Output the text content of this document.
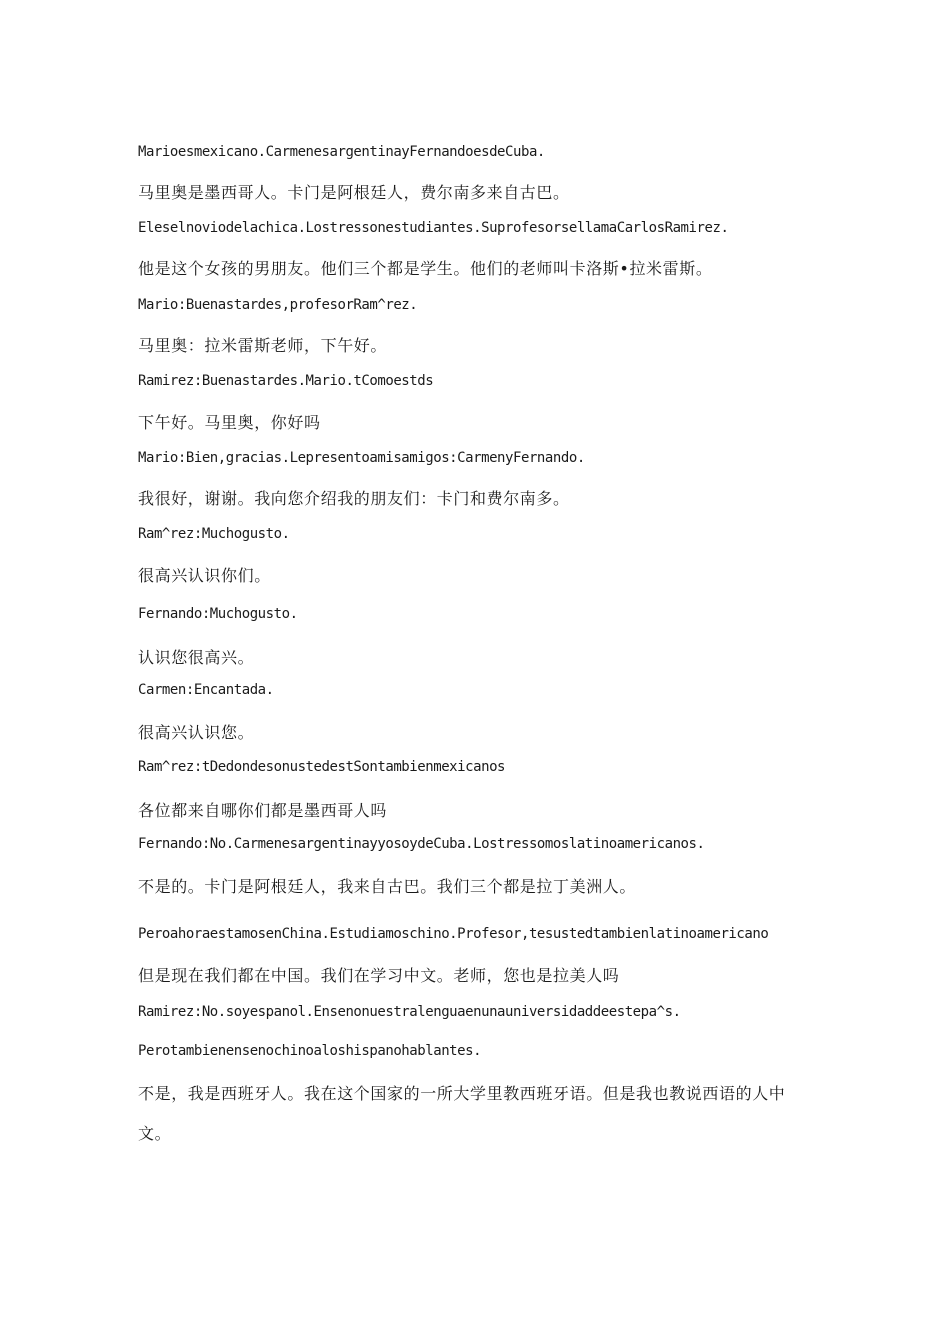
Marioesmexicano.CarmenesargentinayFernandoesdeCuba.
马里奥是墨西哥人。卡门是阿根廷人，费尔南多来自古巴。
Eleselnoviodelachica.Lostressonestudiantes.SuprofesorsellamaCarlosRamirez.
他是这个女孩的男朋友。他们三个都是学生。他们的老师叫卡洛斯•拉米雷斯。
Mario:Buenastardes,profesorRam^rez.
马里奥：拉米雷斯老师，下午好。
Ramirez:Buenastardes.Mario.tComoestds
下午好。马里奥，你好吗
Mario:Bien,gracias.Lepresentoamisamigos:CarmenyFernando.
我很好，谢谢。我向您介绍我的朋友们：卡门和费尔南多。
Ram^rez:Muchogusto.
很高兴认识你们。
Fernando:Muchogusto.
认识您很高兴。
Carmen:Encantada.
很高兴认识您。
Ram^rez:tDedondesonustedestSontambienmexicanos
各位都来自哪你们都是墨西哥人吗
Fernando:No.CarmenesargentinayyosoydeCuba.Lostressomoslatinoamericanos.
不是的。卡门是阿根廷人，我来自古巴。我们三个都是拉丁美洲人。
PeroahoraestamosenChina.Estudiamoschino.Profesor,tesustedtambienlatinoamericano
但是现在我们都在中国。我们在学习中文。老师，您也是拉美人吗
Ramirez:No.soyespanol.Ensenonuestralenguaenunauniversidaddeestepa^s.
Perotambienensenochinoaloshispanohablantes.
不是，我是西班牙人。我在这个国家的一所大学里教西班牙语。但是我也教说西语的人中
文。
